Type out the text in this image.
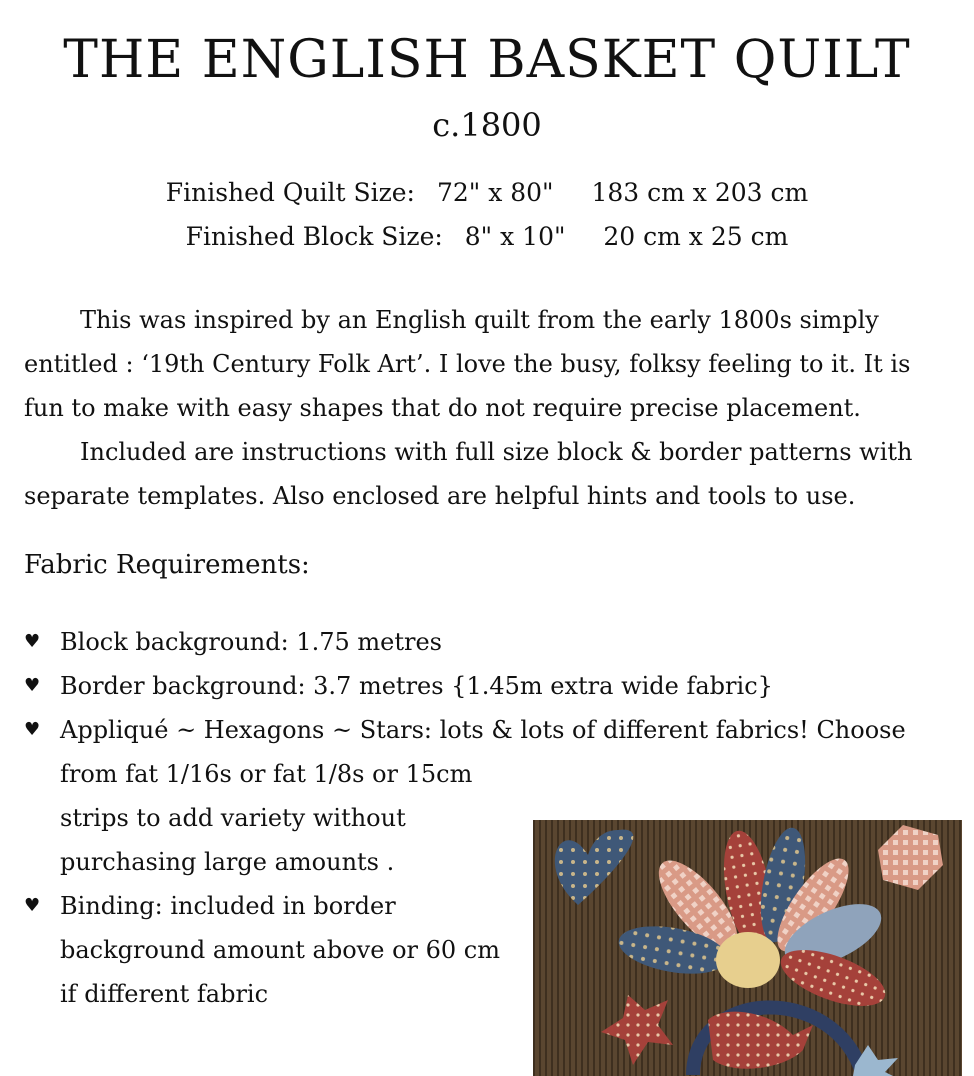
THE ENGLISH BASKET QUILT
c.1800
Finished Quilt Size: 72" x 80" 183 cm x 203 cm
Finished Block Size: 8" x 10" 20 cm x 25 cm

This was inspired by an English quilt from the early 1800s simply entitled : ‘19th Century Folk Art’. I love the busy, folksy feeling to it. It is fun to make with easy shapes that do not require precise placement.

Included are instructions with full size block & border patterns with separate templates. Also enclosed are helpful hints and tools to use.

Fabric Requirements:
♥ Block background: 1.75 metres
♥ Border background: 3.7 metres {1.45m extra wide fabric}
♥ Appliqué ~ Hexagons ~ Stars: lots & lots of different fabrics! Choose
from fat 1/16s or fat 1/8s or 15cm strips to add variety without purchasing large amounts .
♥ Binding: included in border background amount above or 60 cm if different fabric
